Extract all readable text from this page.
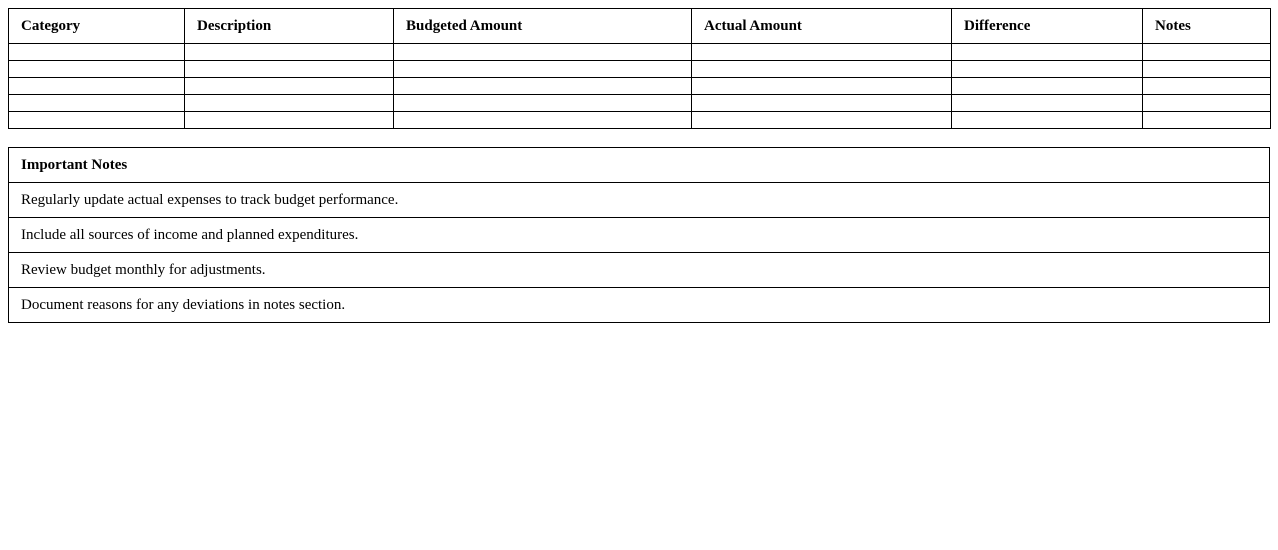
Category	Description	Budgeted Amount	Actual Amount	Difference	Notes

Important Notes
Regularly update actual expenses to track budget performance.
Include all sources of income and planned expenditures.
Review budget monthly for adjustments.
Document reasons for any deviations in notes section.
